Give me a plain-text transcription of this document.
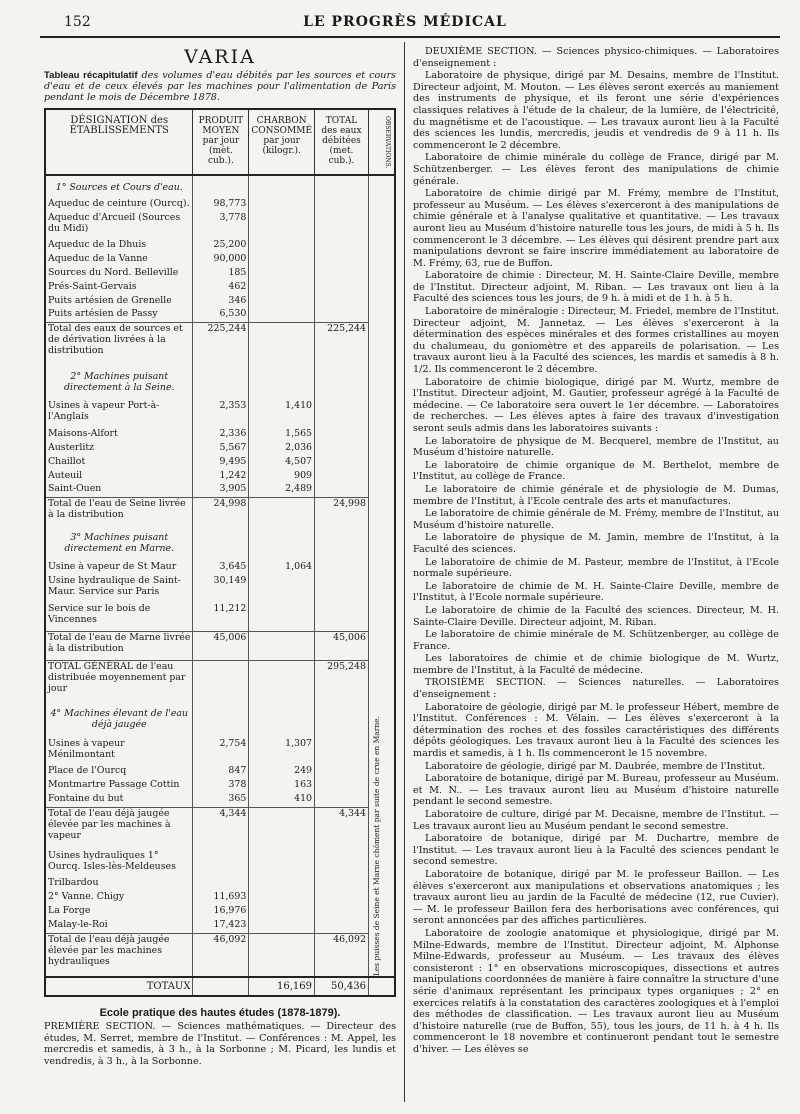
152	LE PROGRÈS MÉDICAL
VARIA

Tableau récapitulatif des volumes d'eau débités par les sources et cours d'eau et de ceux élevés par les machines pour l'alimentation de Paris pendant le mois de Décembre 1878.

DÉSIGNATION des ÉTABLISSEMENTS	PRODUIT MOYEN par jour (mèt. cub.).	CHARBON CONSOMMÉ par jour (kilogr.).	TOTAL des eaux débitées (met. cub.).	OBSERVATIONS.
1° Sources et Cours d'eau.				Les puisses de Seine et Marne chôment par suite de crue en Marne.

Aqueduc de ceinture (Ourcq).	98,773			
Aqueduc d'Arcueil (Sources du Midi)	3,778			
Aqueduc de la Dhuis	25,200			
Aqueduc de la Vanne	90,000			
Sources du Nord. Belleville	185			
Prés-Saint-Gervais	462			
Puits artésien de Grenelle	346			
Puits artésien de Passy	6,530			
Total des eaux de sources et de dérivation livrées à la distribution	225,244		225,244	
2° Machines puisant directement à la Seine.				
Usines à vapeur Port-à-l'Anglais	2,353	1,410		
Maisons-Alfort	2,336	1,565		
Austerlitz	5,567	2,036		
Chaillot	9,495	4,507		
Auteuil	1,242	909		
Saint-Ouen	3,905	2,489		
Total de l'eau de Seine livrée à la distribution	24,998		24,998	
3° Machines puisant directement en Marne.				
Usine à vapeur de St Maur	3,645	1,064		
Usine hydraulique de Saint-Maur. Service sur Paris	30,149			
Service sur le bois de Vincennes	11,212			
Total de l'eau de Marne livrée à la distribution	45,006		45,006	
TOTAL GÉNÉRAL de l'eau distribuée moyennement par jour			295,248	
4° Machines élevant de l'eau déjà jaugée				
Usines à vapeur Ménilmontant	2,754	1,307		
Place de l'Ourcq	847	249		
Montmartre Passage Cottin	378	163		
Fontaine du but	365	410		
Total de l'eau déjà jaugée élevée par les machines à vapeur	4,344		4,344	
Usines hydrauliques 1° Ourcq. Isles-lès-Meldeuses				
Trilbardou				
2° Vanne. Chigy	11,693			
La Forge	16,976			
Malay-le-Roi	17,423			
Total de l'eau déjà jaugée élevée par les machines hydrauliques	46,092		46,092	
TOTAUX		16,169	50,436	
Ecole pratique des hautes études (1878-1879).

PREMIÈRE SECTION. — Sciences mathématiques. — Directeur des études, M. Serret, membre de l'Institut. — Conférences : M. Appel, les mercredis et samedis, à 3 h., à la Sorbonne ; M. Picard, les lundis et vendredis, à 3 h., à la Sorbonne.

DEUXIÈME SECTION. — Sciences physico-chimiques. — Laboratoires d'enseignement :

Laboratoire de physique, dirigé par M. Desains, membre de l'Institut. Directeur adjoint, M. Mouton. — Les élèves seront exercés au maniement des instruments de physique, et ils feront une série d'expériences classiques relatives à l'étude de la chaleur, de la lumière, de l'électricité, du magnétisme et de l'acoustique. — Les travaux auront lieu à la Faculté des sciences les lundis, mercredis, jeudis et vendredis de 9 à 11 h. Ils commenceront le 2 décembre.

Laboratoire de chimie minérale du collège de France, dirigé par M. Schützenberger. — Les élèves feront des manipulations de chimie générale.

Laboratoire de chimie dirigé par M. Frémy, membre de l'Institut, professeur au Muséum. — Les élèves s'exerceront à des manipulations de chimie générale et à l'analyse qualitative et quantitative. — Les travaux auront lieu au Muséum d'histoire naturelle tous les jours, de midi à 5 h. Ils commenceront le 3 décembre. — Les élèves qui désirent prendre part aux manipulations devront se faire inscrire immédiatement au laboratoire de M. Frémy, 63, rue de Buffon.

Laboratoire de chimie : Directeur, M. H. Sainte-Claire Deville, membre de l'Institut. Directeur adjoint, M. Riban. — Les travaux ont lieu à la Faculté des sciences tous les jours, de 9 h. à midi et de 1 h. à 5 h.

Laboratoire de minéralogie : Directeur, M. Friedel, membre de l'Institut. Directeur adjoint, M. Jannetaz. — Les élèves s'exerceront à la détermination des espèces minérales et des formes cristallines au moyen du chalumeau, du goniomètre et des appareils de polarisation. — Les travaux auront lieu à la Faculté des sciences, les mardis et samedis à 8 h. 1/2. Ils commenceront le 2 décembre.

Laboratoire de chimie biologique, dirigé par M. Wurtz, membre de l'Institut. Directeur adjoint, M. Gautier, professeur agrégé à la Faculté de médecine. — Ce laboratoire sera ouvert le 1er décembre. — Laboratoires de recherches. — Les élèves aptes à faire des travaux d'investigation seront seuls admis dans les laboratoires suivants :

Le laboratoire de physique de M. Becquerel, membre de l'Institut, au Muséum d'histoire naturelle.

Le laboratoire de chimie organique de M. Berthelot, membre de l'Institut, au collège de France.

Le laboratoire de chimie générale et de physiologie de M. Dumas, membre de l'Institut, à l'Ecole centrale des arts et manufactures.

Le laboratoire de chimie générale de M. Frémy, membre de l'Institut, au Muséum d'histoire naturelle.

Le laboratoire de physique de M. Jamin, membre de l'Institut, à la Faculté des sciences.

Le laboratoire de chimie de M. Pasteur, membre de l'Institut, à l'Ecole normale supérieure.

Le laboratoire de chimie de M. H. Sainte-Claire Deville, membre de l'Institut, à l'Ecole normale supérieure.

Le laboratoire de chimie de la Faculté des sciences. Directeur, M. H. Sainte-Claire Deville. Directeur adjoint, M. Riban.

Le laboratoire de chimie minérale de M. Schützenberger, au collège de France.

Les laboratoires de chimie et de chimie biologique de M. Wurtz, membre de l'Institut, à la Faculté de médecine.

TROISIÈME SECTION. — Sciences naturelles. — Laboratoires d'enseignement :

Laboratoire de géologie, dirigé par M. le professeur Hébert, membre de l'Institut. Conférences : M. Vélain. — Les élèves s'exerceront à la détermination des roches et des fossiles caractéristiques des différents dépôts géologiques. Les travaux auront lieu à la Faculté des sciences les mardis et samedis, à 1 h. Ils commenceront le 15 novembre.

Laboratoire de géologie, dirigé par M. Daubrée, membre de l'Institut.

Laboratoire de botanique, dirigé par M. Bureau, professeur au Muséum. et M. N.. — Les travaux auront lieu au Muséum d'histoire naturelle pendant le second semestre.

Laboratoire de culture, dirigé par M. Decaisne, membre de l'Institut. — Les travaux auront lieu au Muséum pendant le second semestre.

Laboratoire de botanique, dirigé par M. Duchartre, membre de l'Institut. — Les travaux auront lieu à la Faculté des sciences pendant le second semestre.

Laboratoire de botanique, dirigé par M. le professeur Baillon. — Les élèves s'exerceront aux manipulations et observations anatomiques ; les travaux auront lieu au jardin de la Faculté de médecine (12, rue Cuvier). — M. le professeur Baillon fera des herborisations avec conférences, qui seront annoncées par des affiches particulières.

Laboratoire de zoologie anatomique et physiologique, dirigé par M. Milne-Edwards, membre de l'Institut. Directeur adjoint, M. Alphonse Milne-Edwards, professeur au Muséum. — Les travaux des élèves consisteront : 1° en observations microscopiques, dissections et autres manipulations coordonnées de manière à faire connaître la structure d'une série d'animaux représentant les principaux types organiques ; 2° en exercices relatifs à la constatation des caractères zoologiques et à l'emploi des méthodes de classification. — Les travaux auront lieu au Muséum d'histoire naturelle (rue de Buffon, 55), tous les jours, de 11 h. à 4 h. Ils commenceront le 18 novembre et continueront pendant tout le semestre d'hiver. — Les élèves se
